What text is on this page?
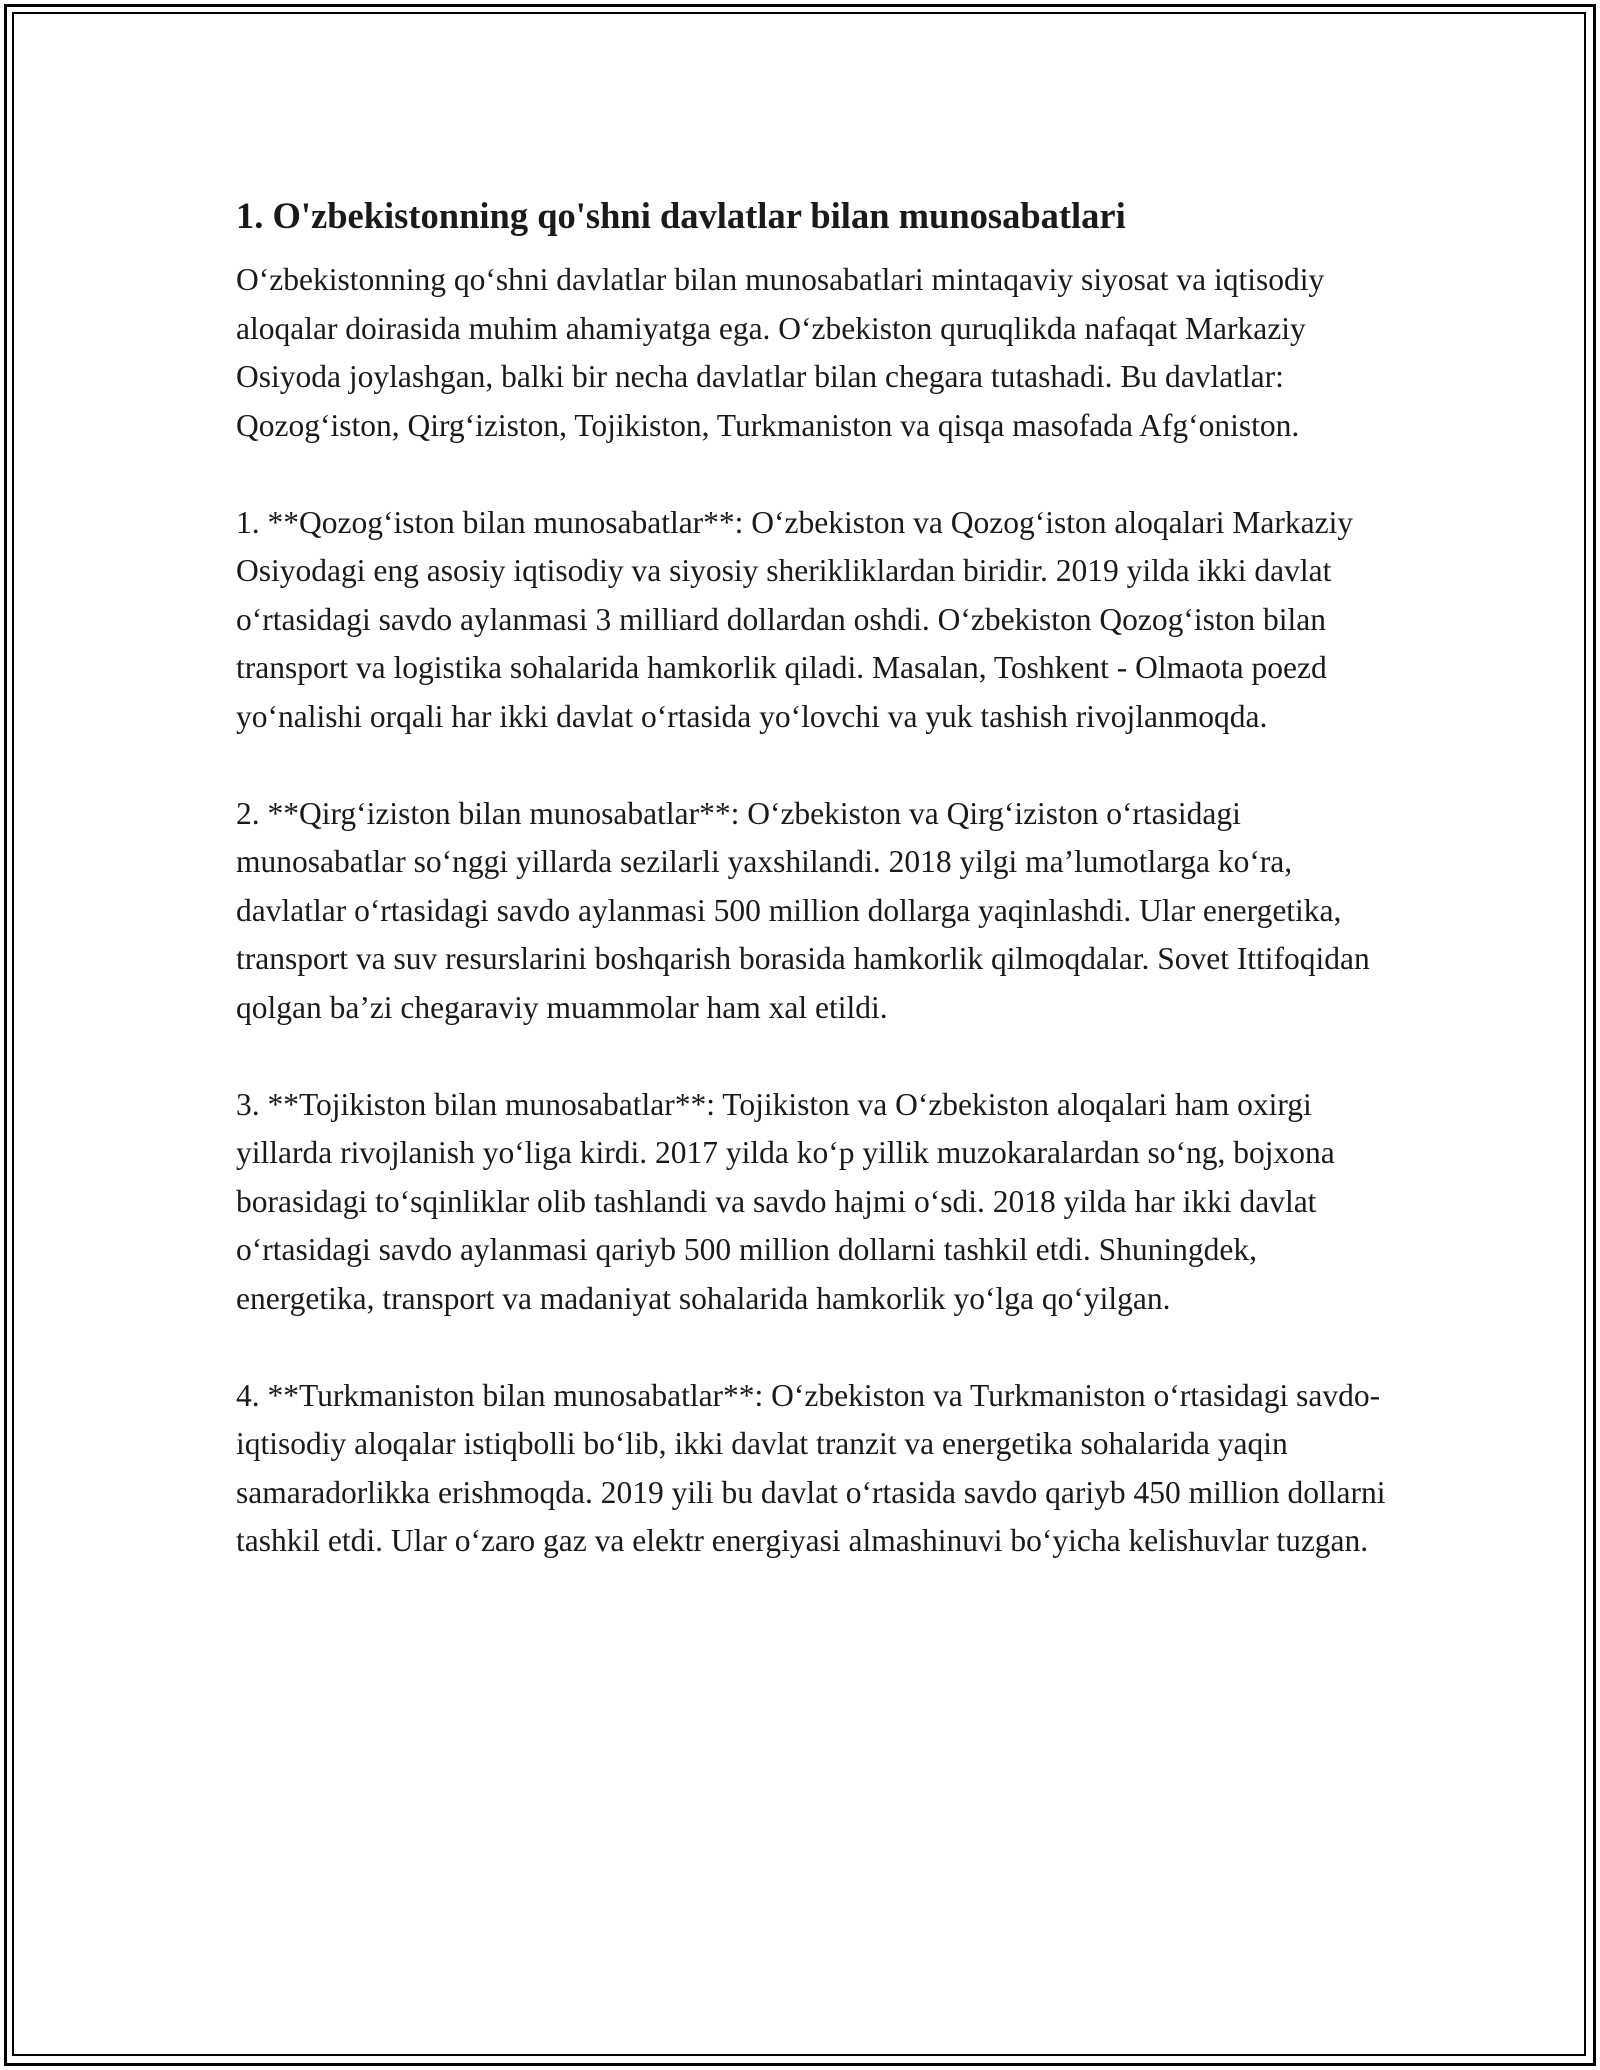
1. O'zbekistonning qo'shni davlatlar bilan munosabatlari

O‘zbekistonning qo‘shni davlatlar bilan munosabatlari mintaqaviy siyosat va iqtisodiy aloqalar doirasida muhim ahamiyatga ega. O‘zbekiston quruqlikda nafaqat Markaziy Osiyoda joylashgan, balki bir necha davlatlar bilan chegara tutashadi. Bu davlatlar: Qozog‘iston, Qirg‘iziston, Tojikiston, Turkmaniston va qisqa masofada Afg‘oniston.

1. **Qozog‘iston bilan munosabatlar**: O‘zbekiston va Qozog‘iston aloqalari Markaziy Osiyodagi eng asosiy iqtisodiy va siyosiy sherikliklardan biridir. 2019 yilda ikki davlat o‘rtasidagi savdo aylanmasi 3 milliard dollardan oshdi. O‘zbekiston Qozog‘iston bilan transport va logistika sohalarida hamkorlik qiladi. Masalan, Toshkent - Olmaota poezd yo‘nalishi orqali har ikki davlat o‘rtasida yo‘lovchi va yuk tashish rivojlanmoqda.

2. **Qirg‘iziston bilan munosabatlar**: O‘zbekiston va Qirg‘iziston o‘rtasidagi munosabatlar so‘nggi yillarda sezilarli yaxshilandi. 2018 yilgi ma’lumotlarga ko‘ra, davlatlar o‘rtasidagi savdo aylanmasi 500 million dollarga yaqinlashdi. Ular energetika, transport va suv resurslarini boshqarish borasida hamkorlik qilmoqdalar. Sovet Ittifoqidan qolgan ba’zi chegaraviy muammolar ham xal etildi.

3. **Tojikiston bilan munosabatlar**: Tojikiston va O‘zbekiston aloqalari ham oxirgi yillarda rivojlanish yo‘liga kirdi. 2017 yilda ko‘p yillik muzokaralardan so‘ng, bojxona borasidagi to‘sqinliklar olib tashlandi va savdo hajmi o‘sdi. 2018 yilda har ikki davlat o‘rtasidagi savdo aylanmasi qariyb 500 million dollarni tashkil etdi. Shuningdek, energetika, transport va madaniyat sohalarida hamkorlik yo‘lga qo‘yilgan.

4. **Turkmaniston bilan munosabatlar**: O‘zbekiston va Turkmaniston o‘rtasidagi savdo-iqtisodiy aloqalar istiqbolli bo‘lib, ikki davlat tranzit va energetika sohalarida yaqin samaradorlikka erishmoqda. 2019 yili bu davlat o‘rtasida savdo qariyb 450 million dollarni tashkil etdi. Ular o‘zaro gaz va elektr energiyasi almashinuvi bo‘yicha kelishuvlar tuzgan.
